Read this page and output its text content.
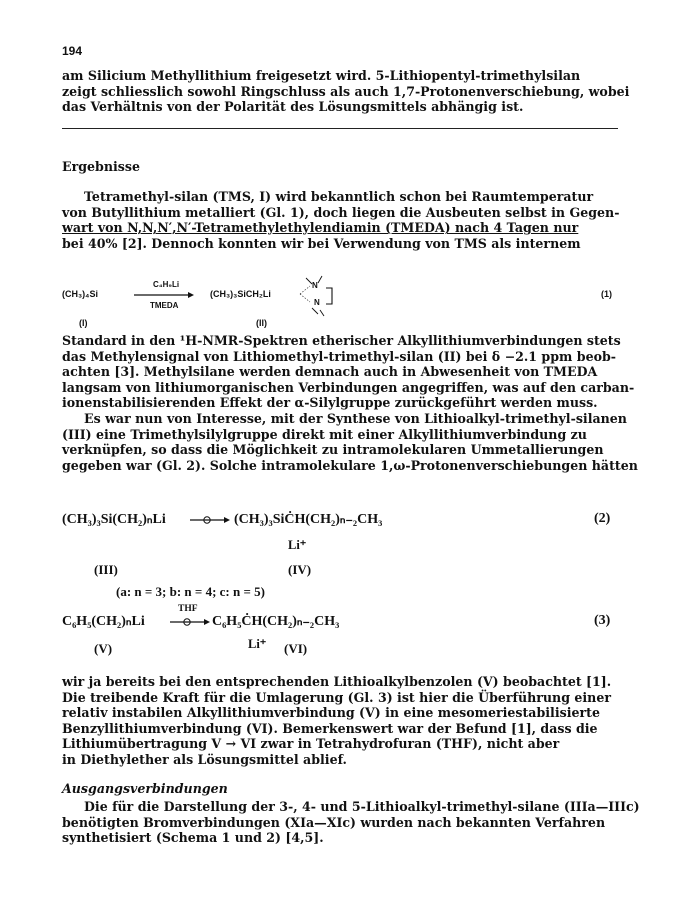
194
am Silicium Methyllithium freigesetzt wird. 5-Lithiopentyl-trimethylsilan
zeigt schliesslich sowohl Ringschluss als auch 1,7-Protonenverschiebung, wobei
das Verhältnis von der Polarität des Lösungsmittels abhängig ist.
Ergebnisse
Tetramethyl-silan (TMS, I) wird bekanntlich schon bei Raumtemperatur
von Butyllithium metalliert (Gl. 1), doch liegen die Ausbeuten selbst in Gegen-
wart von N,N,N′,N′-Tetramethylethylendiamin (TMEDA) nach 4 Tagen nur
bei 40% [2]. Dennoch konnten wir bei Verwendung von TMS als internem
(CH₃)₄Si
C₄H₉Li
TMEDA
(CH₃)₃SiCH₂Li
N
N
(1)
(I)	(II)
Standard in den ¹H-NMR-Spektren etherischer Alkyllithiumverbindungen stets
das Methylensignal von Lithiomethyl-trimethyl-silan (II) bei δ −2.1 ppm beob-
achten [3]. Methylsilane werden demnach auch in Abwesenheit von TMEDA
langsam von lithiumorganischen Verbindungen angegriffen, was auf den carban-
ionenstabilisierenden Effekt der α-Silylgruppe zurückgeführt werden muss.
Es war nun von Interesse, mit der Synthese von Lithioalkyl-trimethyl-silanen
(III) eine Trimethylsilylgruppe direkt mit einer Alkyllithiumverbindung zu
verknüpfen, so dass die Möglichkeit zu intramolekularen Ummetallierungen
gegeben war (Gl. 2). Solche intramolekulare 1,ω-Protonenverschiebungen hätten
(CH₃)₃Si(CH₂)ₙLi	(CH₃)₃SiĊH(CH₂)ₙ₋₂CH₃	(2)
Li⁺
(III)	(IV)
(a: n = 3; b: n = 4; c: n = 5)
C₆H₅(CH₂)ₙLi
THF
C₆H₅ĊH(CH₂)ₙ₋₂CH₃	(3)
(V)	Li⁺ (VI)
wir ja bereits bei den entsprechenden Lithioalkylbenzolen (V) beobachtet [1].
Die treibende Kraft für die Umlagerung (Gl. 3) ist hier die Überführung einer
relativ instabilen Alkyllithiumverbindung (V) in eine mesomeriestabilisierte
Benzyllithiumverbindung (VI). Bemerkenswert war der Befund [1], dass die
Lithiumübertragung V → VI zwar in Tetrahydrofuran (THF), nicht aber
in Diethylether als Lösungsmittel ablief.
Ausgangsverbindungen
Die für die Darstellung der 3-, 4- und 5-Lithioalkyl-trimethyl-silane (IIIa—IIIc)
benötigten Bromverbindungen (XIa—XIc) wurden nach bekannten Verfahren
synthetisiert (Schema 1 und 2) [4,5].
